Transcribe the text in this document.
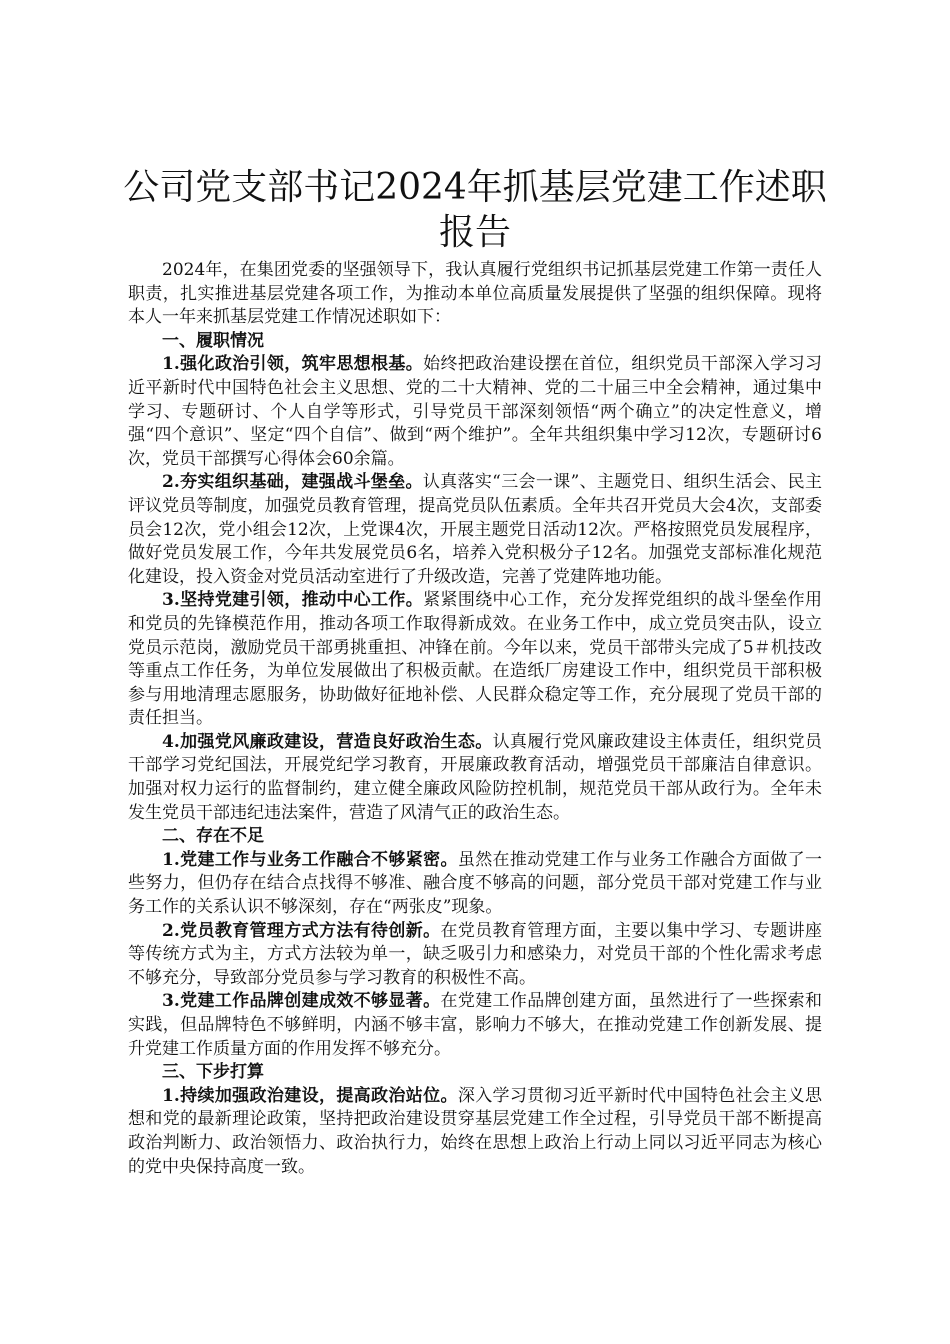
公司党支部书记2024年抓基层党建工作述职报告

2024年，在集团党委的坚强领导下，我认真履行党组织书记抓基层党建工作第一责任人职责，扎实推进基层党建各项工作，为推动本单位高质量发展提供了坚强的组织保障。现将本人一年来抓基层党建工作情况述职如下：

一、履职情况

1.强化政治引领，筑牢思想根基。始终把政治建设摆在首位，组织党员干部深入学习习近平新时代中国特色社会主义思想、党的二十大精神、党的二十届三中全会精神，通过集中学习、专题研讨、个人自学等形式，引导党员干部深刻领悟“两个确立”的决定性意义，增强“四个意识”、坚定“四个自信”、做到“两个维护”。全年共组织集中学习12次，专题研讨6次，党员干部撰写心得体会60余篇。

2.夯实组织基础，建强战斗堡垒。认真落实“三会一课”、主题党日、组织生活会、民主评议党员等制度，加强党员教育管理，提高党员队伍素质。全年共召开党员大会4次，支部委员会12次，党小组会12次，上党课4次，开展主题党日活动12次。严格按照党员发展程序，做好党员发展工作，今年共发展党员6名，培养入党积极分子12名。加强党支部标准化规范化建设，投入资金对党员活动室进行了升级改造，完善了党建阵地功能。

3.坚持党建引领，推动中心工作。紧紧围绕中心工作，充分发挥党组织的战斗堡垒作用和党员的先锋模范作用，推动各项工作取得新成效。在业务工作中，成立党员突击队，设立党员示范岗，激励党员干部勇挑重担、冲锋在前。今年以来，党员干部带头完成了5＃机技改等重点工作任务，为单位发展做出了积极贡献。在造纸厂房建设工作中，组织党员干部积极参与用地清理志愿服务，协助做好征地补偿、人民群众稳定等工作，充分展现了党员干部的责任担当。

4.加强党风廉政建设，营造良好政治生态。认真履行党风廉政建设主体责任，组织党员干部学习党纪国法，开展党纪学习教育，开展廉政教育活动，增强党员干部廉洁自律意识。加强对权力运行的监督制约，建立健全廉政风险防控机制，规范党员干部从政行为。全年未发生党员干部违纪违法案件，营造了风清气正的政治生态。

二、存在不足

1.党建工作与业务工作融合不够紧密。虽然在推动党建工作与业务工作融合方面做了一些努力，但仍存在结合点找得不够准、融合度不够高的问题，部分党员干部对党建工作与业务工作的关系认识不够深刻，存在“两张皮”现象。

2.党员教育管理方式方法有待创新。在党员教育管理方面，主要以集中学习、专题讲座等传统方式为主，方式方法较为单一，缺乏吸引力和感染力，对党员干部的个性化需求考虑不够充分，导致部分党员参与学习教育的积极性不高。

3.党建工作品牌创建成效不够显著。在党建工作品牌创建方面，虽然进行了一些探索和实践，但品牌特色不够鲜明，内涵不够丰富，影响力不够大，在推动党建工作创新发展、提升党建工作质量方面的作用发挥不够充分。

三、下步打算

1.持续加强政治建设，提高政治站位。深入学习贯彻习近平新时代中国特色社会主义思想和党的最新理论政策，坚持把政治建设贯穿基层党建工作全过程，引导党员干部不断提高政治判断力、政治领悟力、政治执行力，始终在思想上政治上行动上同以习近平同志为核心的党中央保持高度一致。
